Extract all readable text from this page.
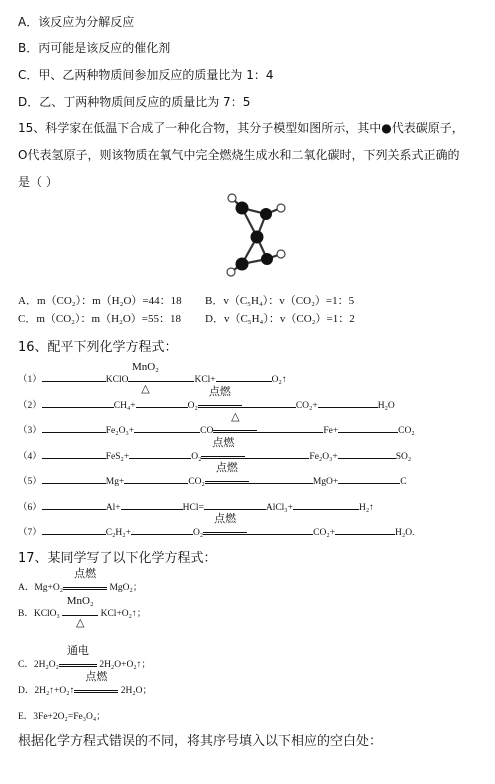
A．该反应为分解反应
B．丙可能是该反应的催化剂
C．甲、乙两种物质间参加反应的质量比为 1：4
D．乙、丁两种物质间反应的质量比为 7：5
15、科学家在低温下合成了一种化合物，其分子模型如图所示，其中●代表碳原子，
O代表氢原子，则该物质在氧气中完全燃烧生成水和二氧化碳时，下列关系式正确的
是（ ）
A．m（CO₂）：m（H₂O）=44：18 B．v（C₅H₄）：v（CO₂）=1：5
C．m（CO₂）：m（H₂O）=55：18 D．v（C₅H₄）：v（CO₂）=1：2
16、配平下列化学方程式：
（1）	KClO
MnO₂
△
KCl+	O₂↑
（2）	CH₄+	O₂
点燃
CO₂+	H₂O
（3）	Fe₂O₃+	CO
△
Fe+	CO₂
（4）	FeS₂+	O₂
点燃
Fe₂O₃+	SO₂
（5）	Mg+	CO₂
点燃
MgO+	C
（6）	Al+	HCl=	AlCl₃+	H₂↑
（7）	C₂H₂+	O₂
点燃
CO₂+	H₂O.
17、某同学写了以下化学方程式：
A．Mg+O₂
点燃
MgO₂；
B．KClO₃
MnO₂
△
KCl+O₂↑；
C．2H₂O₂
通电
2H₂O+O₂↑；
D．2H₂↑+O₂↑
点燃
2H₂O；
E．3Fe+2O₂=Fe₃O₄；
根据化学方程式错误的不同，将其序号填入以下相应的空白处：
